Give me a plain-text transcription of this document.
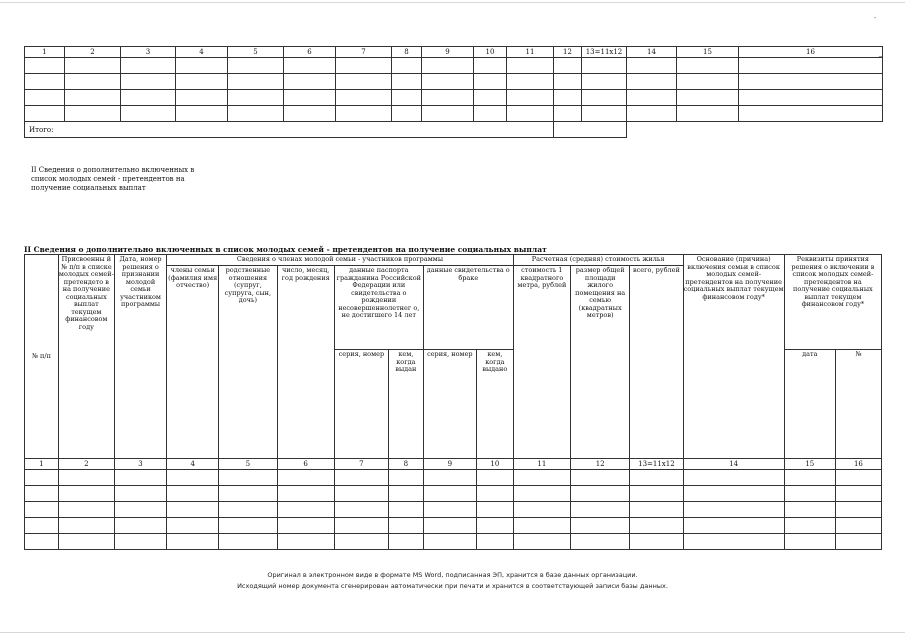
-
~
1	2	3	4	5	6	7	8	9	10	11	12	13=11x12	14	15	16

Итого:															
II Сведения о дополнительно включенных в список молодых семей - претендентов на получение социальных выплат
II Сведения о дополнительно включенных в список молодых семей - претендентов на получение социальных выплат
№ п/п	Присвоенны й № п/п в списке молодых семей-претендето в на получение социальных выплат текущем финансовом году	Дата, номер решения о признании молодой семьи участником программы	Сведения о членах молодой семьи - участников программы							Расчетная (средняя) стоимость жилья			Основание (причина) включения семьи в список молодых семей-претендентов на получение социальных выплат текущем финансовом году*	Реквизиты принятия решения о включении в список молодых семей-претендентов на получение социальных выплат текущем финансовом году*	
			члены семьи (фамилия имя отчество)	родственные отношения (супруг, супруга, сын, дочь)	число, месяц, год рождения	данные паспорта гражданина Российской Федерации или свидетельства о рождении несовершеннолетнег о, не достигшего 14 лет		данные свидетельства о браке		стоимость 1 квадратного метра, рублей	размер общей площади жилого помещения на семью (квадратных метров)	всего, рублей			
						серия, номер	кем, когда выдан	серия, номер	кем, когда выдано					дата	№
1	2	3	4	5	6	7	8	9	10	11	12	13=11x12	14	15	16

Оригинал в электронном виде в формате MS Word, подписанная ЭП, хранится в базе данных организации.
Исходящий номер документа сгенерирован автоматически при печати и хранится в соответствующей записи базы данных.
